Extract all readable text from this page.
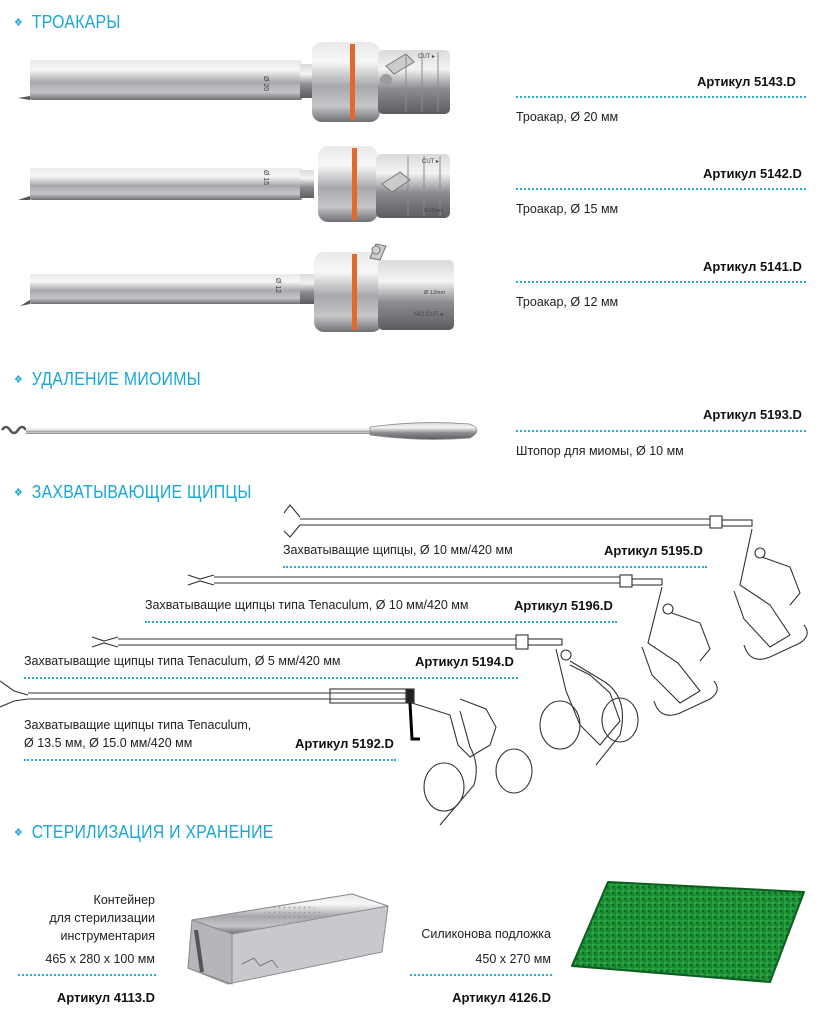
❖ ТРОАКАРЫ
Ø 20
CUT ▸
Артикул 5143.D
Троакар, Ø 20 мм
Ø 15
CUT ▸
Ø 15mm
Артикул 5142.D
Троакар, Ø 15 мм
Ø 12	Ø 12mm
NO CUT ▸
Артикул 5141.D
Троакар, Ø 12 мм
❖ УДАЛЕНИЕ МИОИМЫ
Артикул 5193.D
Штопор для миомы, Ø 10 мм
❖ ЗАХВАТЫВАЮЩИЕ ЩИПЦЫ
Захватыващие щипцы, Ø 10 мм/420 мм	Артикул 5195.D
Захватыващие щипцы типа Tenaculum, Ø 10 мм/420 мм	Артикул 5196.D
Захватыващие щипцы типа Tenaculum, Ø 5 мм/420 мм	Артикул 5194.D
Захватыващие щипцы типа Tenaculum,
Ø 13.5 мм, Ø 15.0 мм/420 мм	Артикул 5192.D
❖ СТЕРИЛИЗАЦИЯ И ХРАНЕНИЕ
Контейнер
для стерилизации
инструментария
465 x 280 x 100 мм
Артикул 4113.D
Силиконова подложка
450 x 270 мм
Артикул 4126.D
